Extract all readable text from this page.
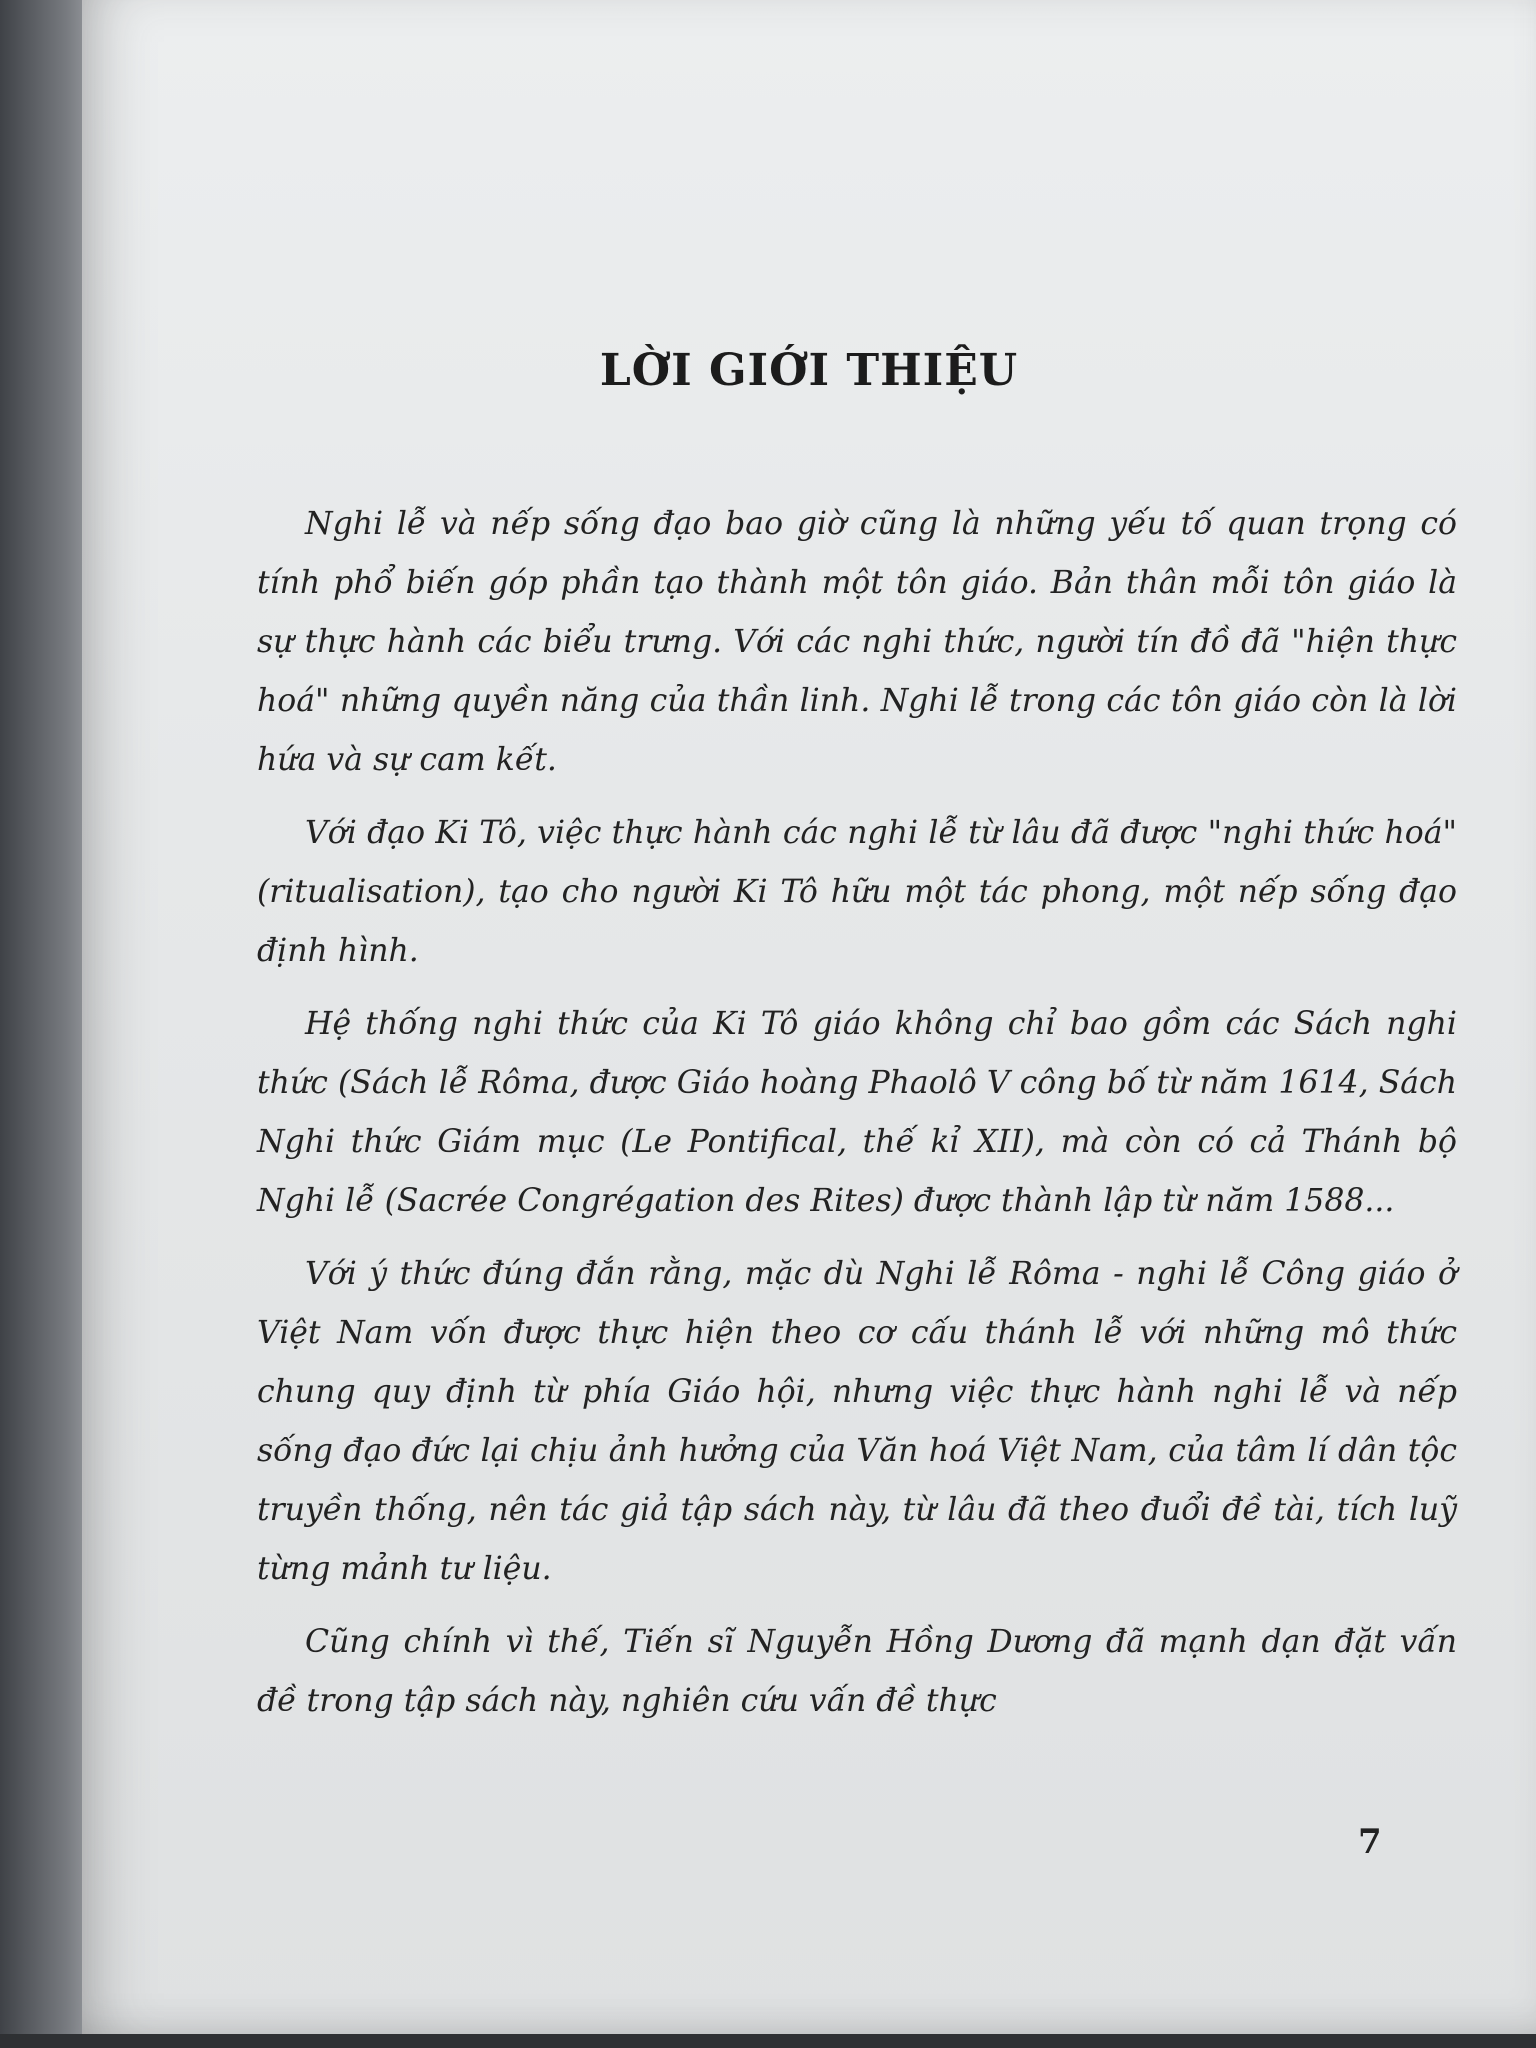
LỜI GIỚI THIỆU

Nghi lễ và nếp sống đạo bao giờ cũng là những yếu tố quan trọng có tính phổ biến góp phần tạo thành một tôn giáo. Bản thân mỗi tôn giáo là sự thực hành các biểu trưng. Với các nghi thức, người tín đồ đã "hiện thực hoá" những quyền năng của thần linh. Nghi lễ trong các tôn giáo còn là lời hứa và sự cam kết.

Với đạo Ki Tô, việc thực hành các nghi lễ từ lâu đã được "nghi thức hoá" (ritualisation), tạo cho người Ki Tô hữu một tác phong, một nếp sống đạo định hình.

Hệ thống nghi thức của Ki Tô giáo không chỉ bao gồm các Sách nghi thức (Sách lễ Rôma, được Giáo hoàng Phaolô V công bố từ năm 1614, Sách Nghi thức Giám mục (Le Pontifical, thế kỉ XII), mà còn có cả Thánh bộ Nghi lễ (Sacrée Congrégation des Rites) được thành lập từ năm 1588...

Với ý thức đúng đắn rằng, mặc dù Nghi lễ Rôma - nghi lễ Công giáo ở Việt Nam vốn được thực hiện theo cơ cấu thánh lễ với những mô thức chung quy định từ phía Giáo hội, nhưng việc thực hành nghi lễ và nếp sống đạo đức lại chịu ảnh hưởng của Văn hoá Việt Nam, của tâm lí dân tộc truyền thống, nên tác giả tập sách này, từ lâu đã theo đuổi đề tài, tích luỹ từng mảnh tư liệu.

Cũng chính vì thế, Tiến sĩ Nguyễn Hồng Dương đã mạnh dạn đặt vấn đề trong tập sách này, nghiên cứu vấn đề thực

7
